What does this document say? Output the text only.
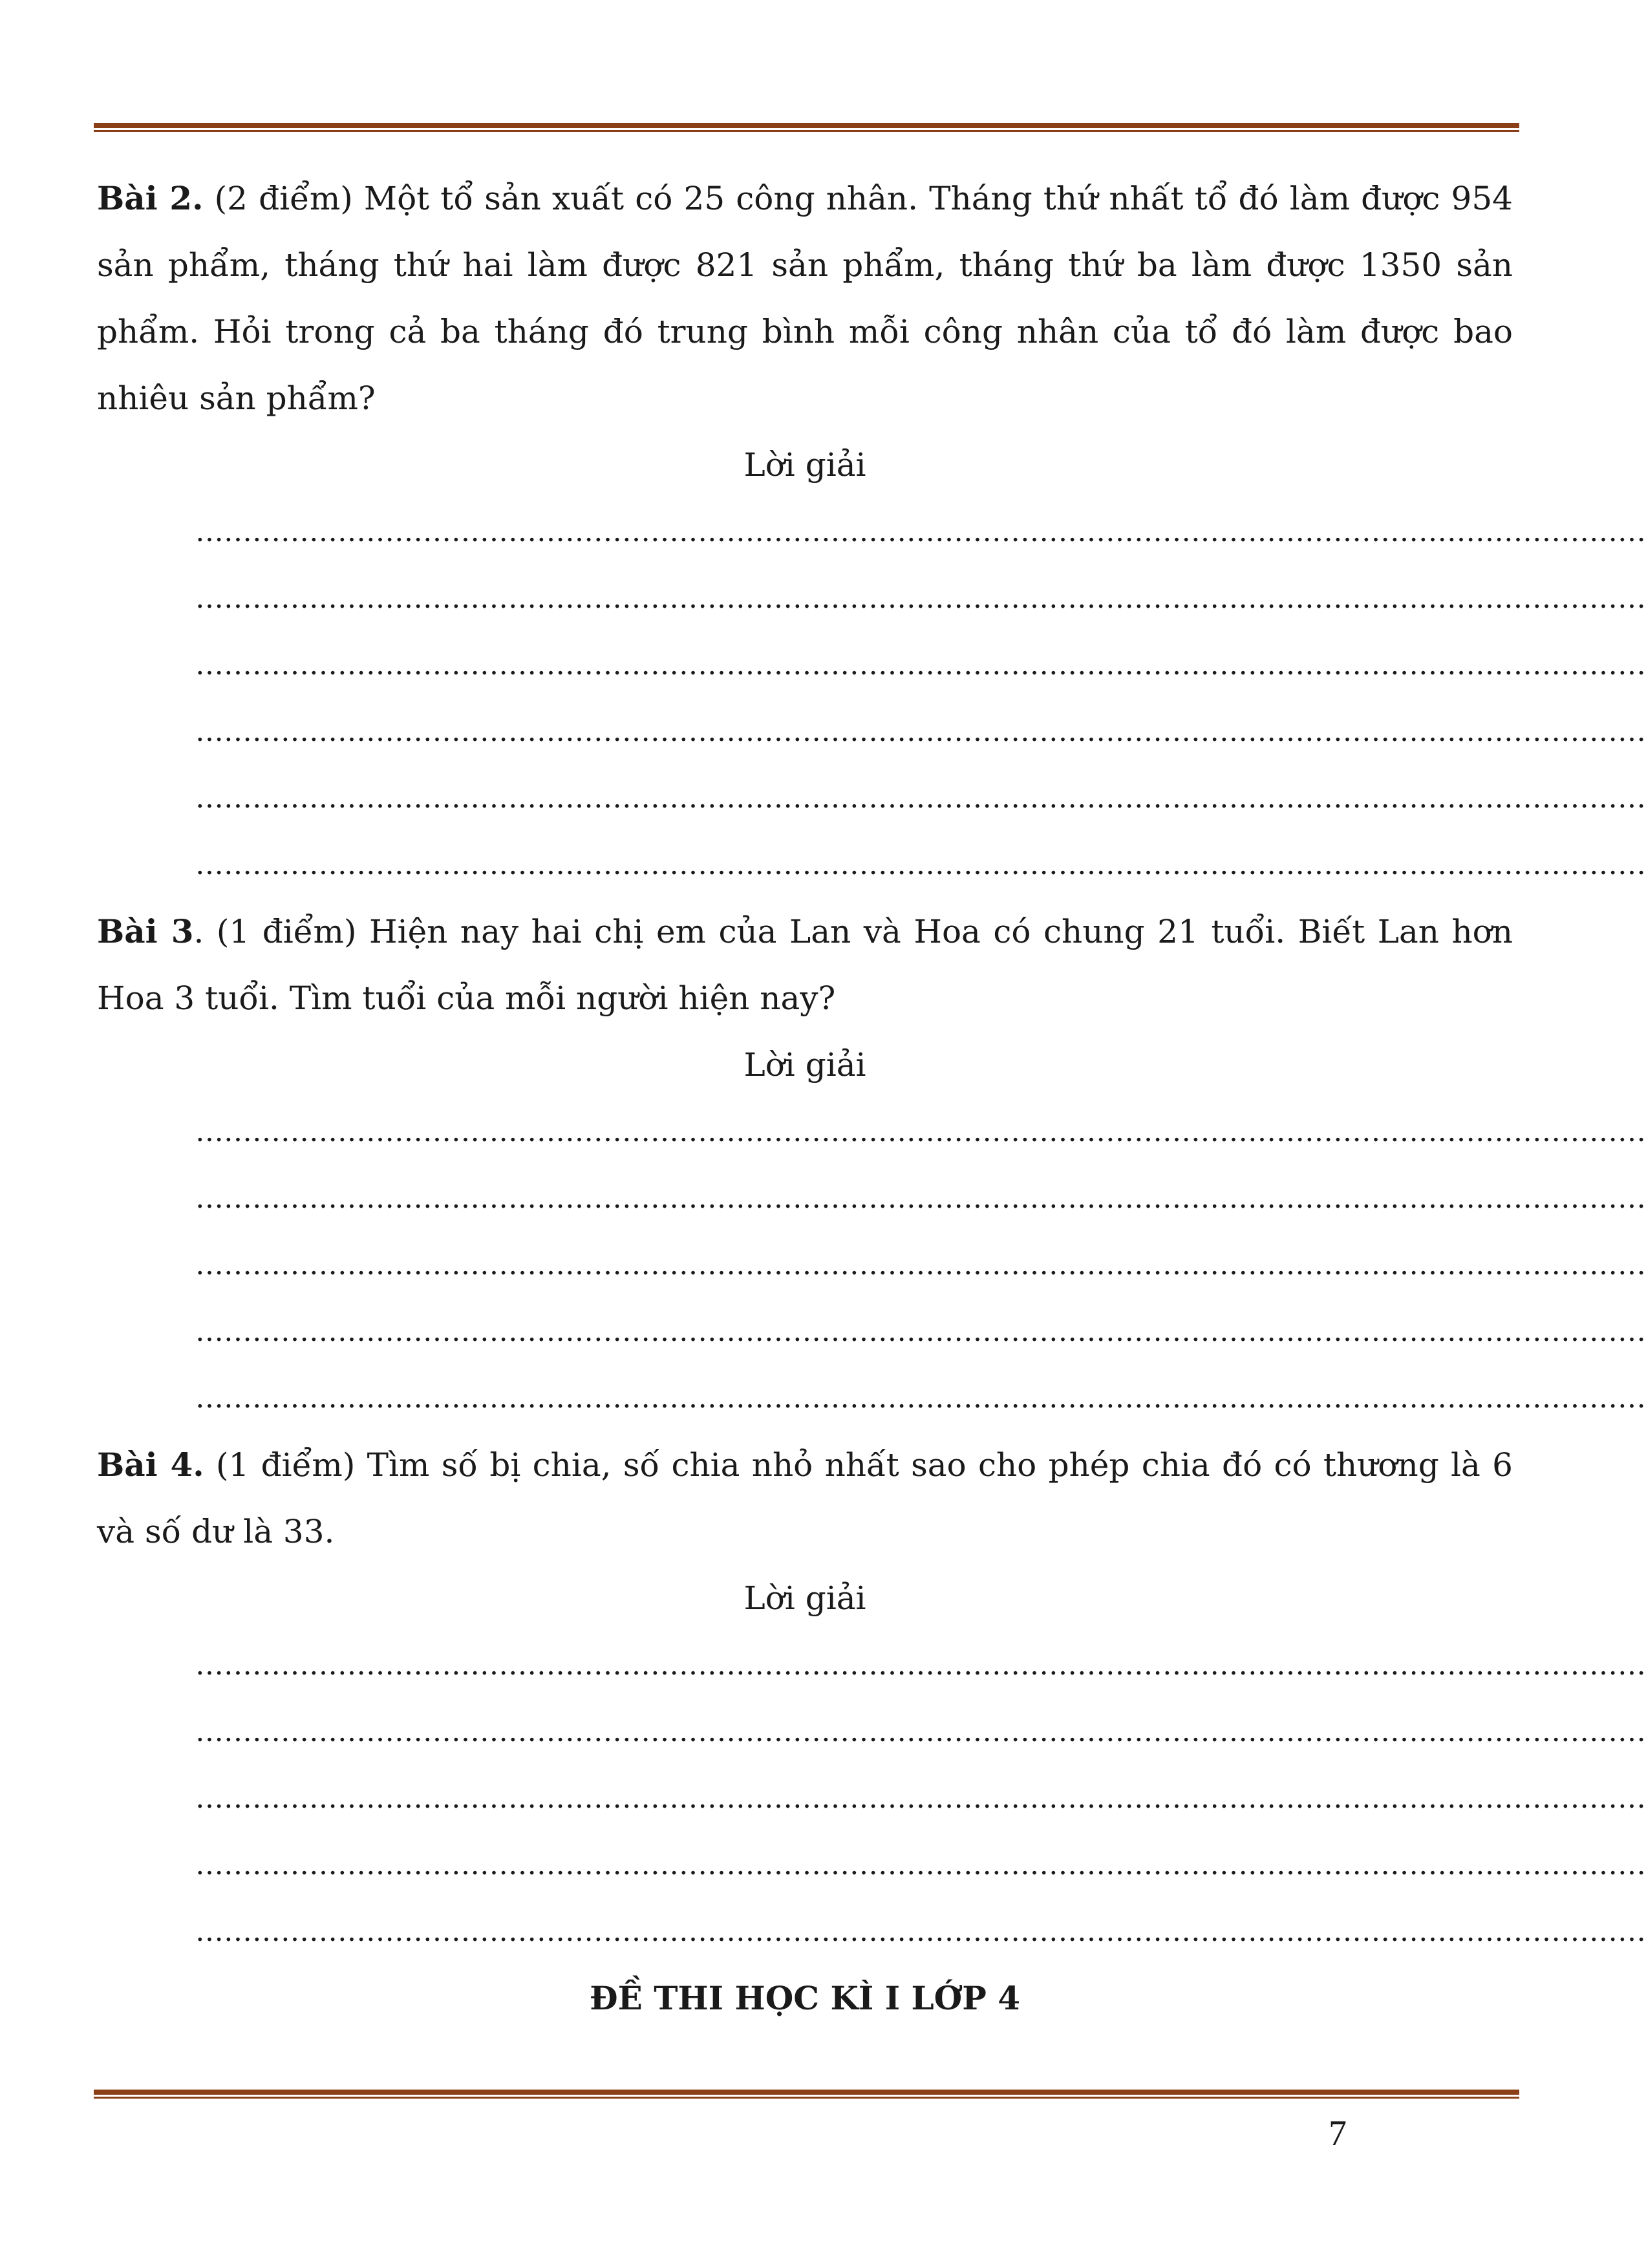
Bài 2. (2 điểm) Một tổ sản xuất có 25 công nhân. Tháng thứ nhất tổ đó làm được 954 sản phẩm, tháng thứ hai làm được 821 sản phẩm, tháng thứ ba làm được 1350 sản phẩm. Hỏi trong cả ba tháng đó trung bình mỗi công nhân của tổ đó làm được bao nhiêu sản phẩm?

Lời giải

………………………………………………………………………………………………………………………………………
………………………………………………………………………………………………………………………………………
………………………………………………………………………………………………………………………………………
………………………………………………………………………………………………………………………………………
………………………………………………………………………………………………………………………………………
………………………………………………………………………………………………………………………………………

Bài 3. (1 điểm) Hiện nay hai chị em của Lan và Hoa có chung 21 tuổi. Biết Lan hơn Hoa 3 tuổi. Tìm tuổi của mỗi người hiện nay?

Lời giải

………………………………………………………………………………………………………………………………………
………………………………………………………………………………………………………………………………………
………………………………………………………………………………………………………………………………………
………………………………………………………………………………………………………………………………………
………………………………………………………………………………………………………………………………………

Bài 4. (1 điểm) Tìm số bị chia, số chia nhỏ nhất sao cho phép chia đó có thương là 6 và số dư là 33.

Lời giải

………………………………………………………………………………………………………………………………………
………………………………………………………………………………………………………………………………………
………………………………………………………………………………………………………………………………………
………………………………………………………………………………………………………………………………………
………………………………………………………………………………………………………………………………………

ĐỀ THI HỌC KÌ I LỚP 4

7
